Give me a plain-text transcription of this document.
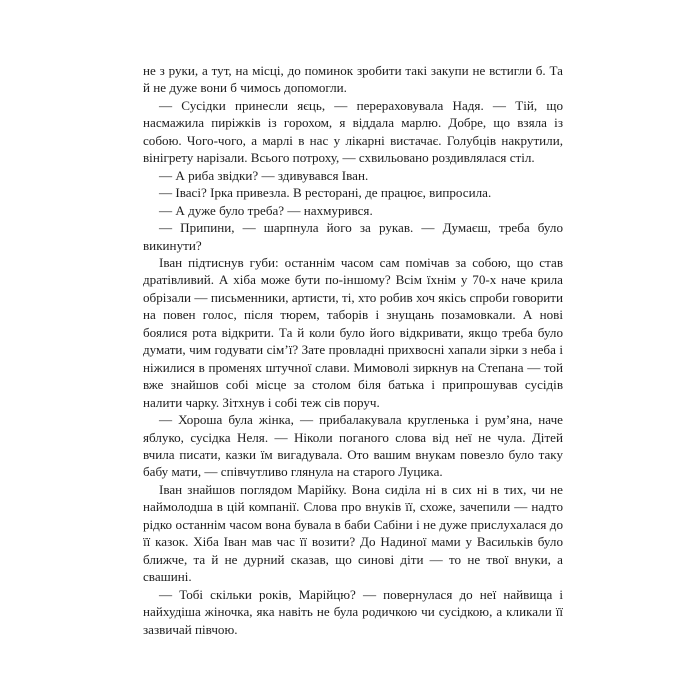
не з руки, а тут, на місці, до поминок зробити такі закупи не встигли б. Та й не дуже вони б чимось допомогли.

— Сусідки принесли яєць, — перераховувала Надя. — Тій, що насмажила пиріжків із горохом, я віддала марлю. Добре, що взяла із собою. Чого-чого, а марлі в нас у лікарні вистачає. Голубців накрутили, вінігрету нарізали. Всього потроху, — схвильовано роздивлялася стіл.

— А риба звідки? — здивувався Іван.

— Івасі? Ірка привезла. В ресторані, де працює, випросила.

— А дуже було треба? — нахмурився.

— Припини, — шарпнула його за рукав. — Думаєш, треба було викинути?

Іван підтиснув губи: останнім часом сам помічав за собою, що став дратівливий. А хіба може бути по-іншому? Всім їхнім у 70-х наче крила обрізали — письменники, артисти, ті, хто робив хоч якісь спроби говорити на повен голос, після тюрем, таборів і знущань позамовкали. А нові боялися рота відкрити. Та й коли було його відкривати, якщо треба було думати, чим годувати сім’ї? Зате провладні прихвосні хапали зірки з неба і ніжилися в променях штучної слави. Мимоволі зиркнув на Степана — той вже знайшов собі місце за столом біля батька і припрошував сусідів налити чарку. Зітхнув і собі теж сів поруч.

— Хороша була жінка, — прибалакувала кругленька і рум’яна, наче яблуко, сусідка Неля. — Ніколи поганого слова від неї не чула. Дітей вчила писати, казки їм вигадувала. Ото вашим внукам повезло було таку бабу мати, — співчутливо глянула на старого Луцика.

Іван знайшов поглядом Марійку. Вона сиділа ні в сих ні в тих, чи не наймолодша в цій компанії. Слова про внуків її, схоже, зачепили — надто рідко останнім часом вона бувала в баби Сабіни і не дуже прислухалася до її казок. Хіба Іван мав час її возити? До Надиної мами у Васильків було ближче, та й не дурний сказав, що синові діти — то не твої внуки, а свашині.

— Тобі скільки років, Марійцю? — повернулася до неї найвища і найхудіша жіночка, яка навіть не була родичкою чи сусідкою, а кликали її зазвичай півчою.
